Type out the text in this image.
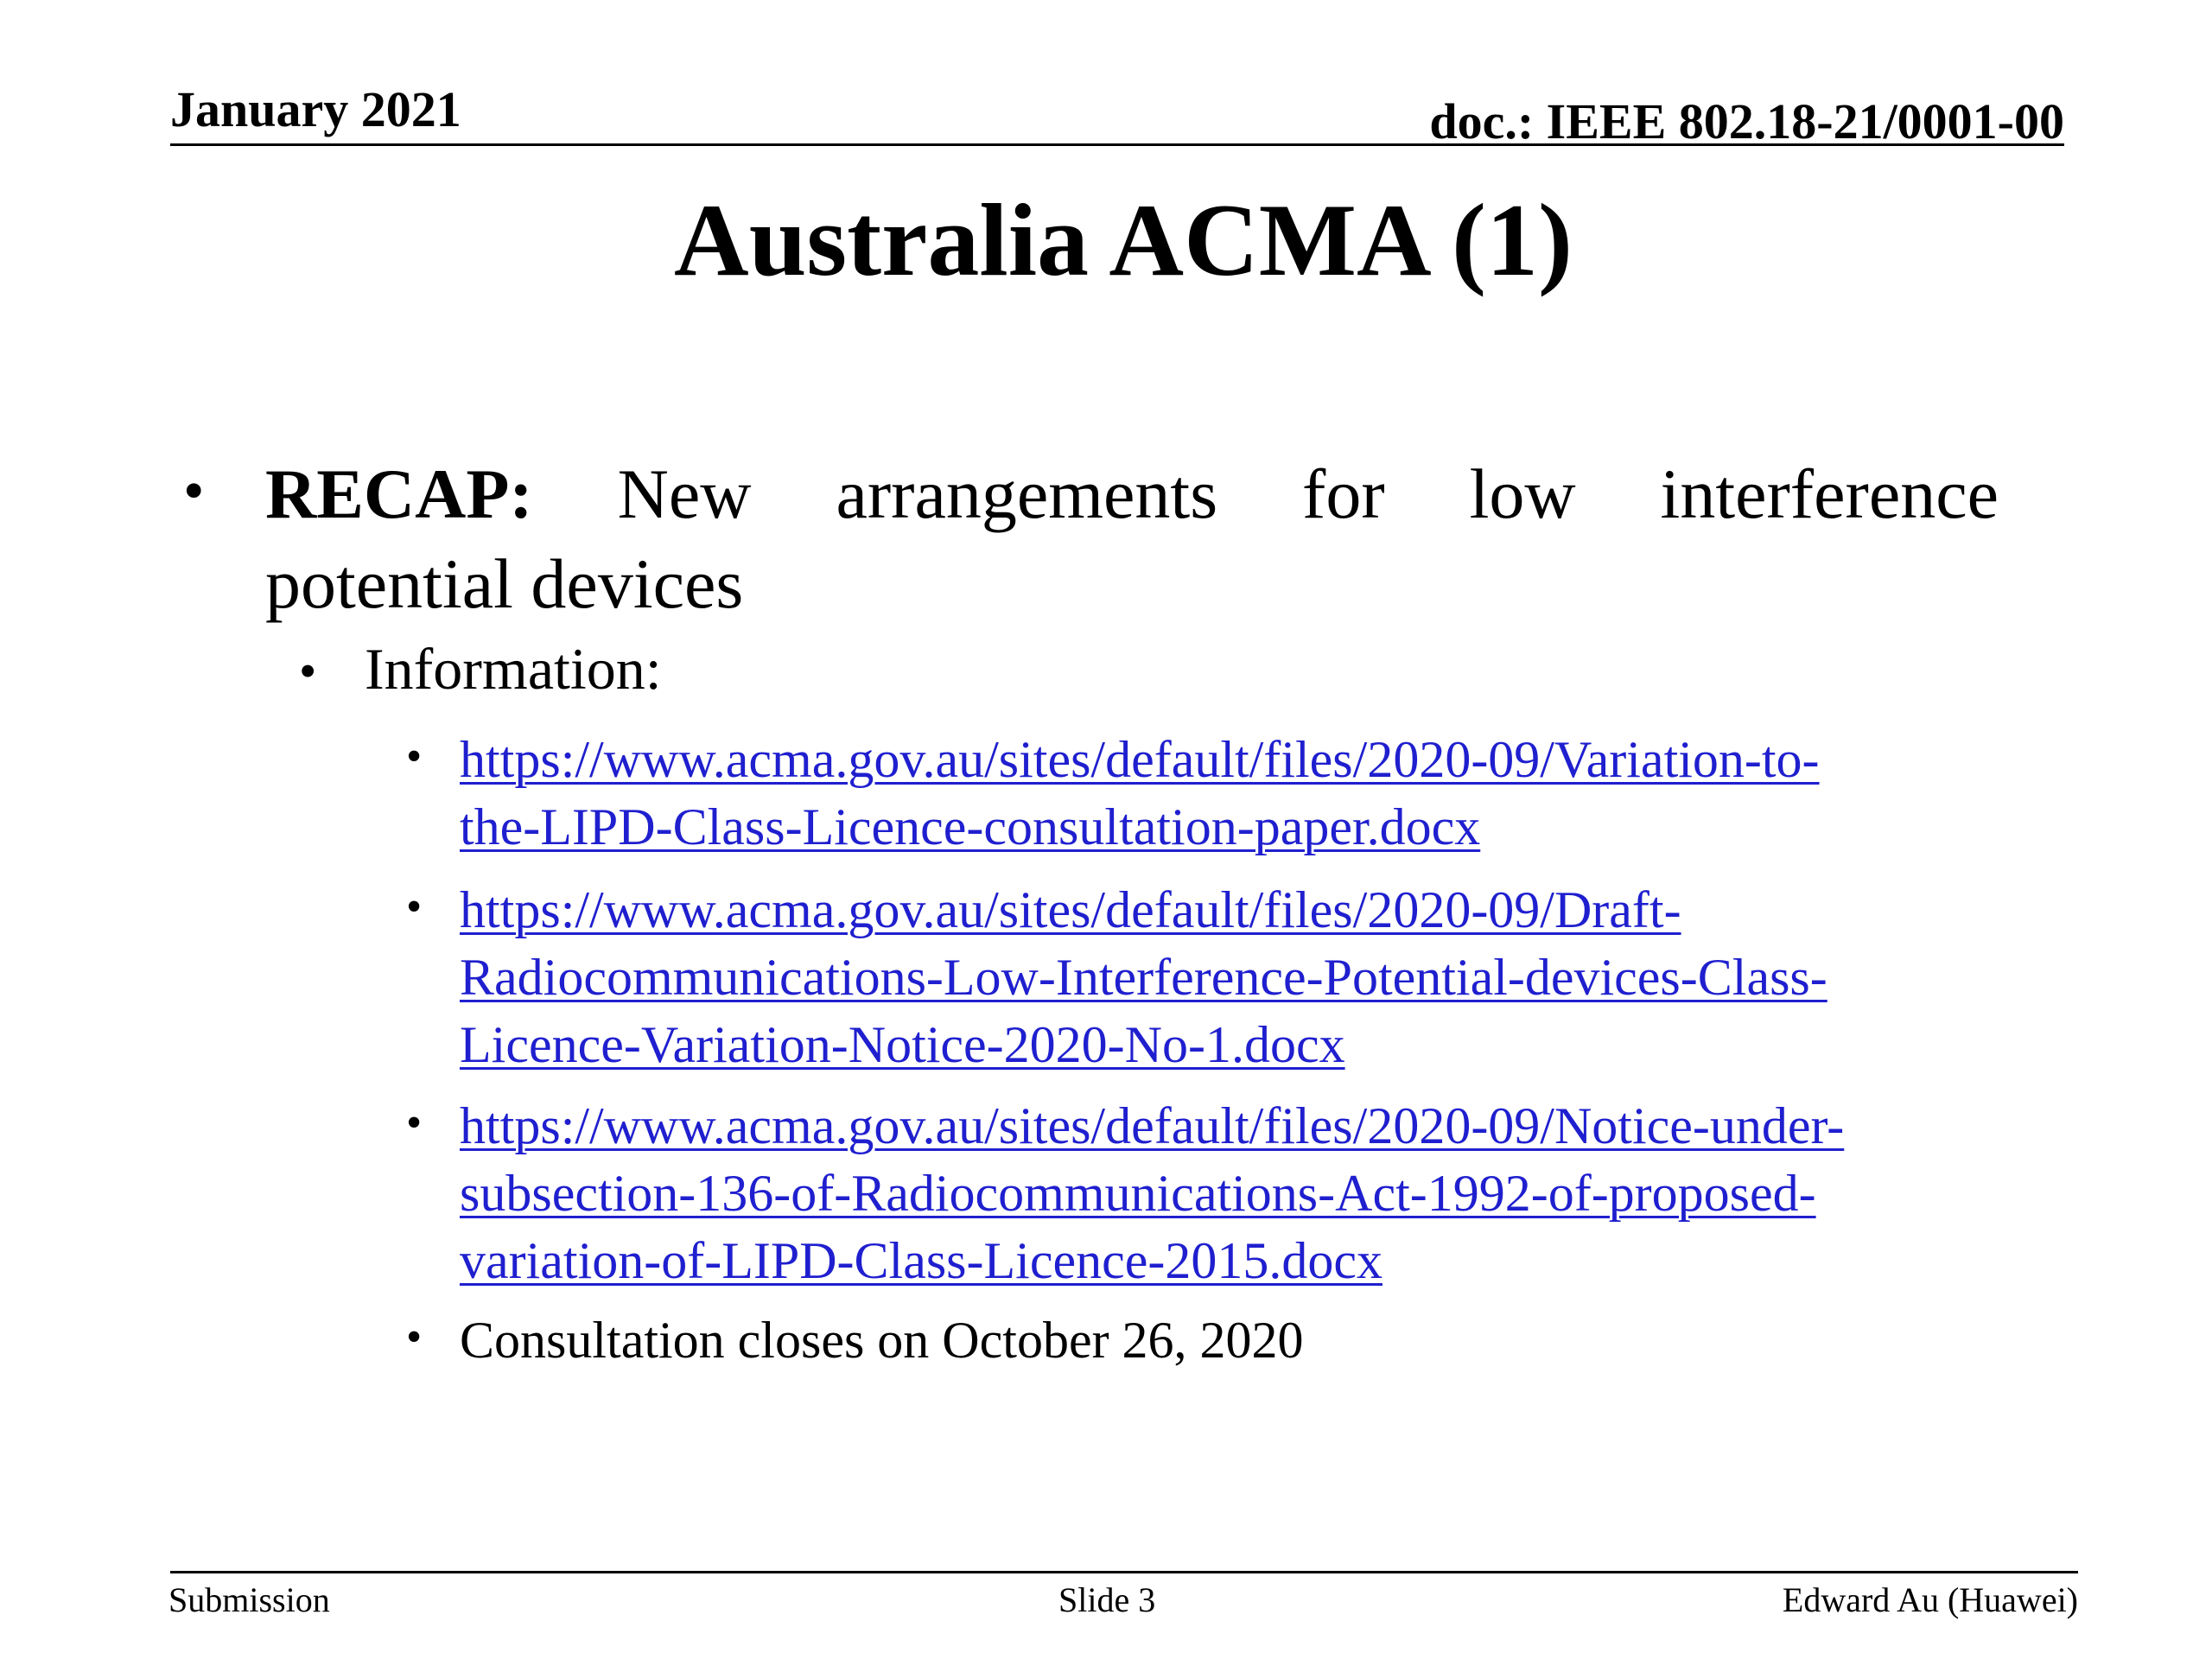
January 2021	doc.: IEEE 802.18-21/0001-00
Australia ACMA (1)
• RECAP: New arrangements for low interference
potential devices
• Information:
• https://www.acma.gov.au/sites/default/files/2020-09/Variation-to-
the-LIPD-Class-Licence-consultation-paper.docx
• https://www.acma.gov.au/sites/default/files/2020-09/Draft-
Radiocommunications-Low-Interference-Potential-devices-Class-
Licence-Variation-Notice-2020-No-1.docx
• https://www.acma.gov.au/sites/default/files/2020-09/Notice-under-
subsection-136-of-Radiocommunications-Act-1992-of-proposed-
variation-of-LIPD-Class-Licence-2015.docx
• Consultation closes on October 26, 2020
Submission	Slide 3	Edward Au (Huawei)
